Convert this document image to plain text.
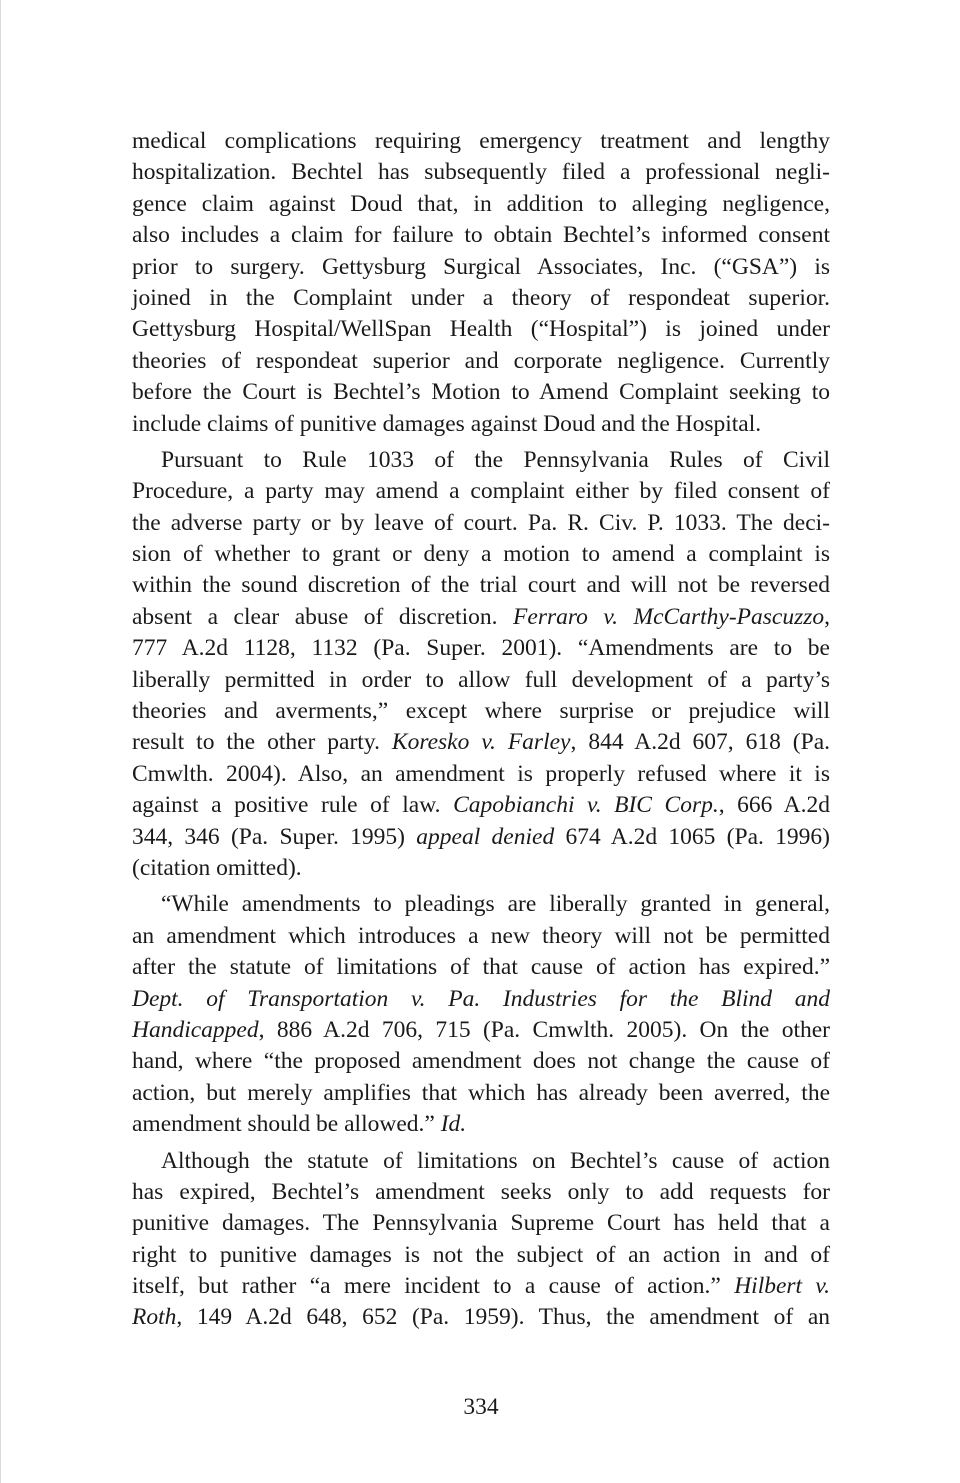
medical complications requiring emergency treatment and lengthy
hospitalization. Bechtel has subsequently filed a professional negli-
gence claim against Doud that, in addition to alleging negligence,
also includes a claim for failure to obtain Bechtel’s informed consent
prior to surgery. Gettysburg Surgical Associates, Inc. (“GSA”) is
joined in the Complaint under a theory of respondeat superior.
Gettysburg Hospital/WellSpan Health (“Hospital”) is joined under
theories of respondeat superior and corporate negligence. Currently
before the Court is Bechtel’s Motion to Amend Complaint seeking to
include claims of punitive damages against Doud and the Hospital.
Pursuant to Rule 1033 of the Pennsylvania Rules of Civil
Procedure, a party may amend a complaint either by filed consent of
the adverse party or by leave of court. Pa. R. Civ. P. 1033. The deci-
sion of whether to grant or deny a motion to amend a complaint is
within the sound discretion of the trial court and will not be reversed
absent a clear abuse of discretion. Ferraro v. McCarthy-Pascuzzo,
777 A.2d 1128, 1132 (Pa. Super. 2001). “Amendments are to be
liberally permitted in order to allow full development of a party’s
theories and averments,” except where surprise or prejudice will
result to the other party. Koresko v. Farley, 844 A.2d 607, 618 (Pa.
Cmwlth. 2004). Also, an amendment is properly refused where it is
against a positive rule of law. Capobianchi v. BIC Corp., 666 A.2d
344, 346 (Pa. Super. 1995) appeal denied 674 A.2d 1065 (Pa. 1996)
(citation omitted).
“While amendments to pleadings are liberally granted in general,
an amendment which introduces a new theory will not be permitted
after the statute of limitations of that cause of action has expired.”
Dept. of Transportation v. Pa. Industries for the Blind and
Handicapped, 886 A.2d 706, 715 (Pa. Cmwlth. 2005). On the other
hand, where “the proposed amendment does not change the cause of
action, but merely amplifies that which has already been averred, the
amendment should be allowed.” Id.
Although the statute of limitations on Bechtel’s cause of action
has expired, Bechtel’s amendment seeks only to add requests for
punitive damages. The Pennsylvania Supreme Court has held that a
right to punitive damages is not the subject of an action in and of
itself, but rather “a mere incident to a cause of action.” Hilbert v.
Roth, 149 A.2d 648, 652 (Pa. 1959). Thus, the amendment of an
334
